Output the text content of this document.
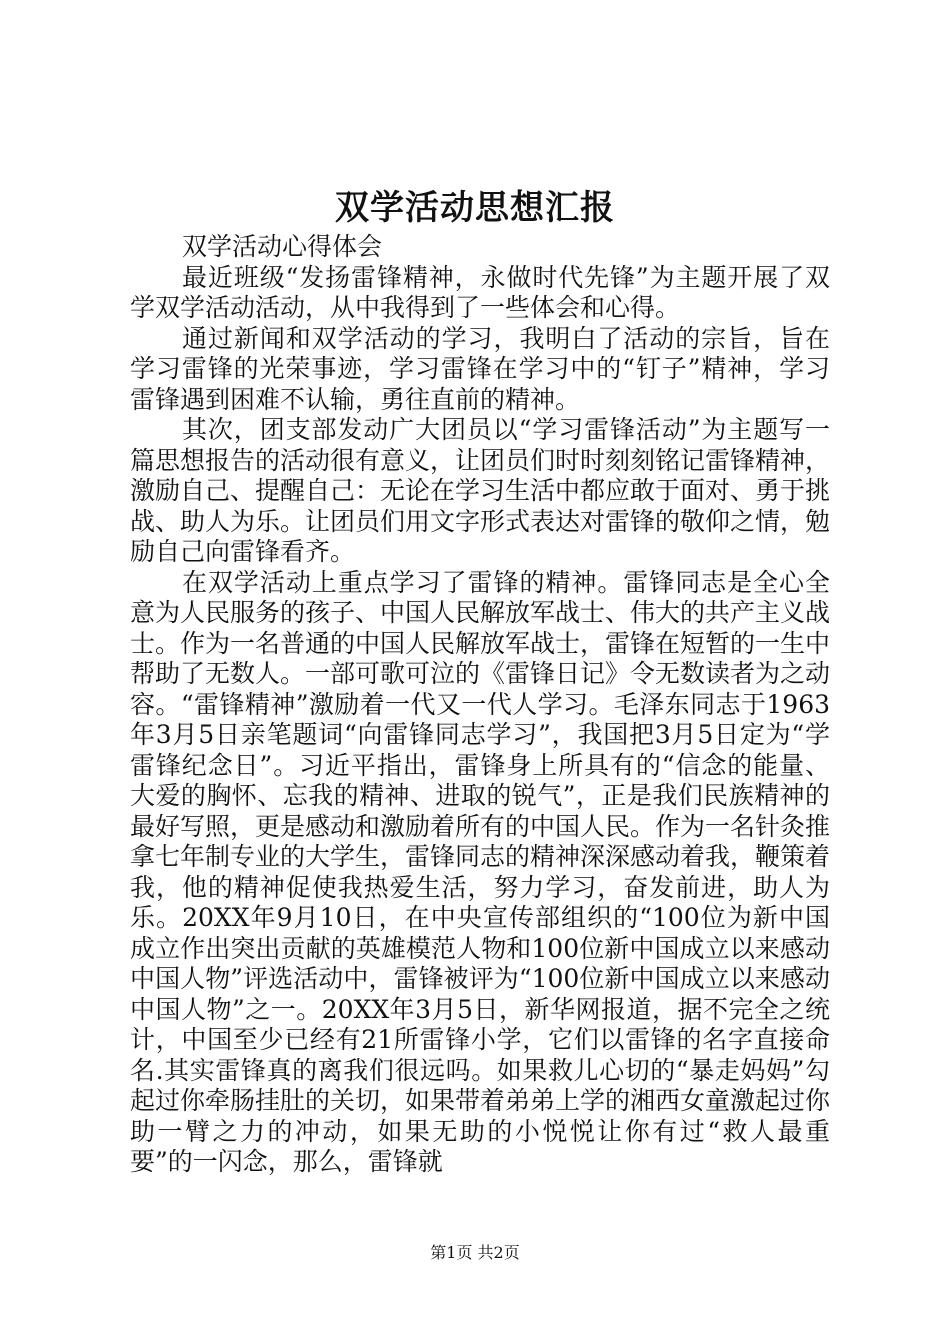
双学活动思想汇报

双学活动心得体会

最近班级“发扬雷锋精神，永做时代先锋”为主题开展了双学双学活动活动，从中我得到了一些体会和心得。

通过新闻和双学活动的学习，我明白了活动的宗旨，旨在学习雷锋的光荣事迹，学习雷锋在学习中的“钉子”精神，学习雷锋遇到困难不认输，勇往直前的精神。

其次，团支部发动广大团员以“学习雷锋活动”为主题写一篇思想报告的活动很有意义，让团员们时时刻刻铭记雷锋精神，激励自己、提醒自己：无论在学习生活中都应敢于面对、勇于挑战、助人为乐。让团员们用文字形式表达对雷锋的敬仰之情，勉励自己向雷锋看齐。

在双学活动上重点学习了雷锋的精神。雷锋同志是全心全意为人民服务的孩子、中国人民解放军战士、伟大的共产主义战士。作为一名普通的中国人民解放军战士，雷锋在短暂的一生中帮助了无数人。一部可歌可泣的《雷锋日记》令无数读者为之动容。“雷锋精神”激励着一代又一代人学习。毛泽东同志于1963年3月5日亲笔题词“向雷锋同志学习”，我国把3月5日定为“学雷锋纪念日”。习近平指出，雷锋身上所具有的“信念的能量、大爱的胸怀、忘我的精神、进取的锐气”，正是我们民族精神的最好写照，更是感动和激励着所有的中国人民。作为一名针灸推拿七年制专业的大学生，雷锋同志的精神深深感动着我，鞭策着我，他的精神促使我热爱生活，努力学习，奋发前进，助人为乐。20XX年9月10日，在中央宣传部组织的“100位为新中国成立作出突出贡献的英雄模范人物和100位新中国成立以来感动中国人物”评选活动中，雷锋被评为“100位新中国成立以来感动中国人物”之一。20XX年3月5日，新华网报道，据不完全之统计，中国至少已经有21所雷锋小学，它们以雷锋的名字直接命名.其实雷锋真的离我们很远吗。如果救儿心切的“暴走妈妈”勾起过你牵肠挂肚的关切，如果带着弟弟上学的湘西女童激起过你助一臂之力的冲动，如果无助的小悦悦让你有过“救人最重要”的一闪念，那么，雷锋就

第1页 共2页
